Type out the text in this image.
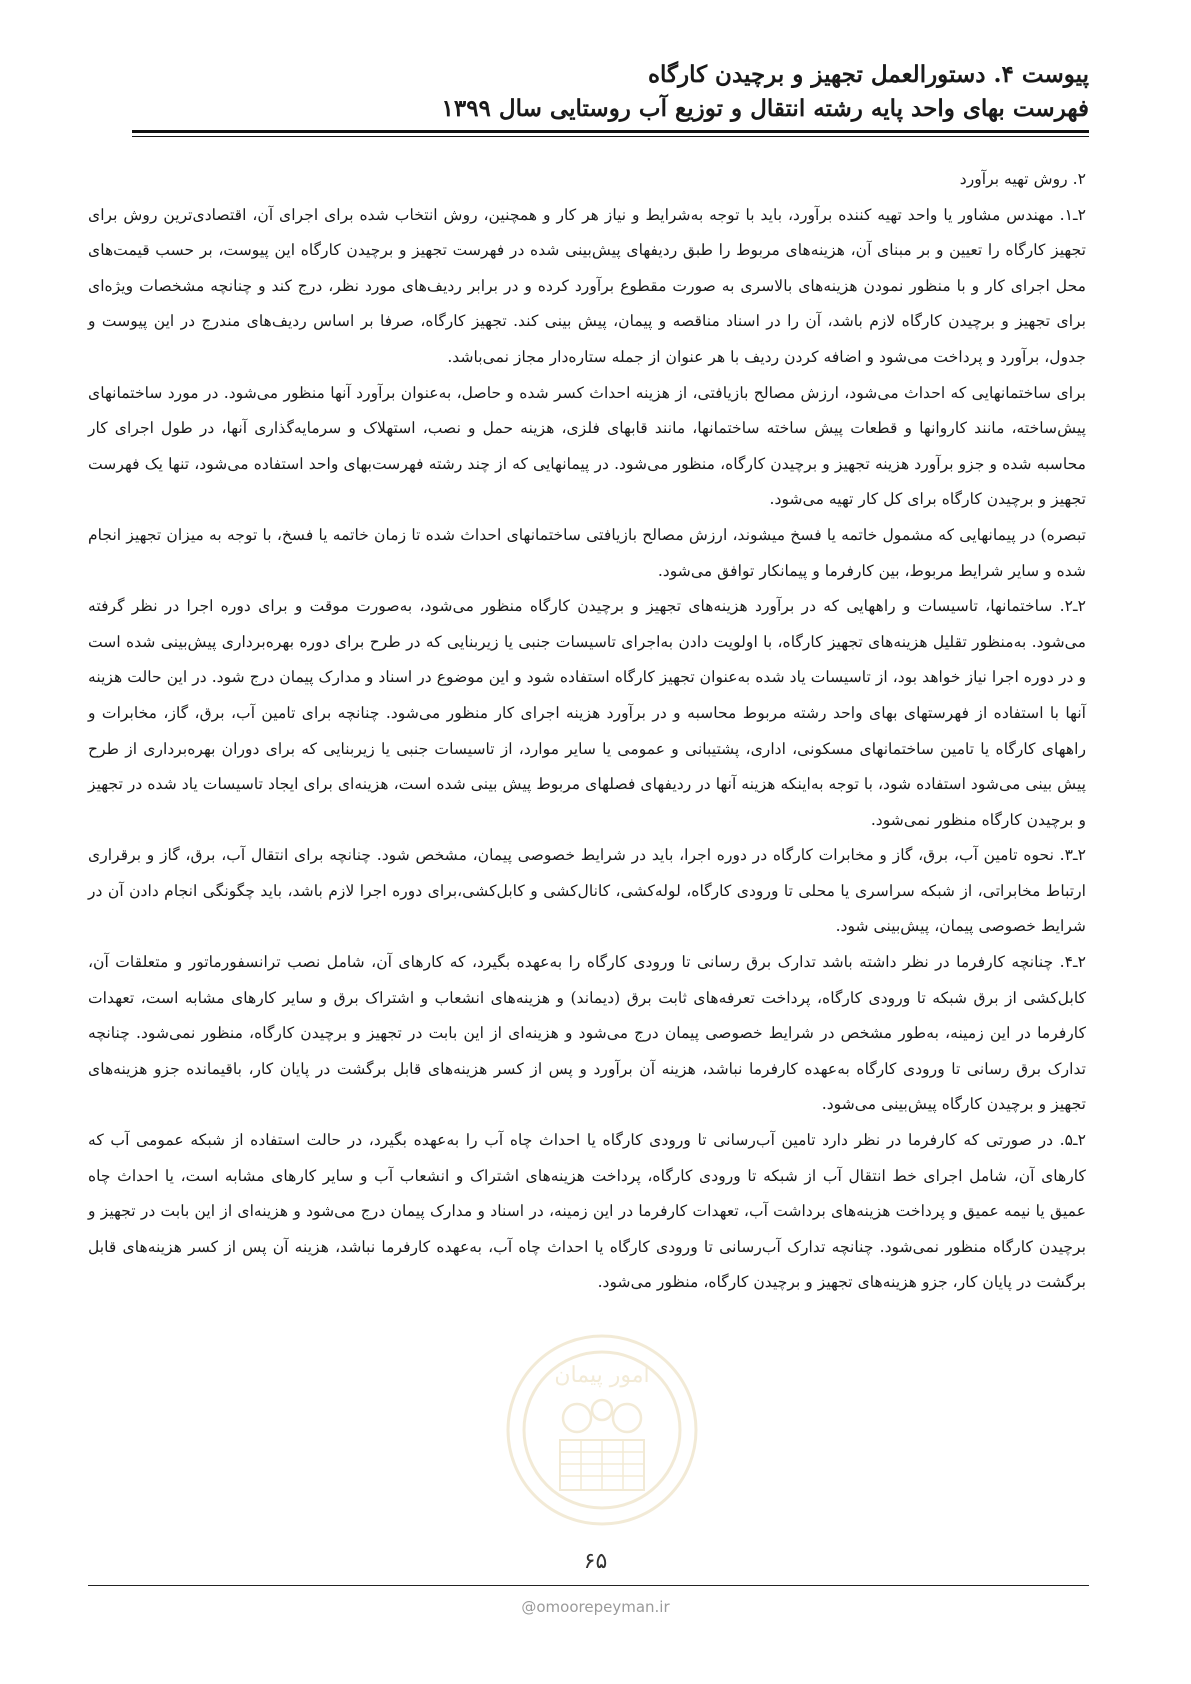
پیوست ۴. دستورالعمل تجهیز و برچیدن کارگاه
فهرست بهای واحد پایه رشته انتقال و توزیع آب روستایی سال ۱۳۹۹

۲. روش تهیه برآورد

۲ـ۱. مهندس مشاور یا واحد تهیه کننده برآورد، باید با توجه به‌شرایط و نیاز هر کار و همچنین، روش انتخاب شده برای اجرای آن، اقتصادی‌ترین روش برای تجهیز کارگاه را تعیین و بر مبنای آن، هزینه‌های مربوط را طبق ردیفهای پیش‌بینی شده در فهرست تجهیز و برچیدن کارگاه این پیوست، بر حسب قیمت‌های محل اجرای کار و با منظور نمودن هزینه‌های بالاسری به صورت مقطوع برآورد کرده و در برابر ردیف‌های مورد نظر، درج کند و چنانچه مشخصات ویژه‌ای برای تجهیز و برچیدن کارگاه لازم باشد، آن را در اسناد مناقصه و پیمان، پیش بینی کند. تجهیز کارگاه، صرفا بر اساس ردیف‌های مندرج در این پیوست و جدول، برآورد و پرداخت می‌شود و اضافه کردن ردیف با هر عنوان از جمله ستاره‌دار مجاز نمی‌باشد.

برای ساختمانهایی که احداث می‌شود، ارزش مصالح بازیافتی، از هزینه احداث کسر شده و حاصل، به‌عنوان برآورد آنها منظور می‌شود. در مورد ساختمانهای پیش‌ساخته، مانند کاروانها و قطعات پیش ساخته ساختمانها، مانند قابهای فلزی، هزینه حمل و نصب، استهلاک و سرمایه‌گذاری آنها، در طول اجرای کار محاسبه شده و جزو برآورد هزینه تجهیز و برچیدن کارگاه، منظور می‌شود. در پیمانهایی که از چند رشته فهرست‌بهای واحد استفاده می‌شود، تنها یک فهرست تجهیز و برچیدن کارگاه برای کل کار تهیه می‌شود.

تبصره) در پیمانهایی که مشمول خاتمه یا فسخ میشوند، ارزش مصالح بازیافتی ساختمانهای احداث شده تا زمان خاتمه یا فسخ، با توجه به میزان تجهیز انجام شده و سایر شرایط مربوط، بین کارفرما و پیمانکار توافق می‌شود.

۲ـ۲. ساختمانها، تاسیسات و راههایی که در برآورد هزینه‌های تجهیز و برچیدن کارگاه منظور می‌شود، به‌صورت موقت و برای دوره اجرا در نظر گرفته می‌شود. به‌منظور تقلیل هزینه‌های تجهیز کارگاه، با اولویت دادن به‌اجرای تاسیسات جنبی یا زیربنایی که در طرح برای دوره بهره‌برداری پیش‌بینی شده است و در دوره اجرا نیاز خواهد بود، از تاسیسات یاد شده به‌عنوان تجهیز کارگاه استفاده شود و این موضوع در اسناد و مدارک پیمان درج شود. در این حالت هزینه آنها با استفاده از فهرستهای بهای واحد رشته مربوط محاسبه و در برآورد هزینه اجرای کار منظور می‌شود. چنانچه برای تامین آب، برق، گاز، مخابرات و راههای کارگاه یا تامین ساختمانهای مسکونی، اداری، پشتیبانی و عمومی یا سایر موارد، از تاسیسات جنبی یا زیربنایی که برای دوران بهره‌برداری از طرح پیش بینی می‌شود استفاده شود، با توجه به‌اینکه هزینه آنها در ردیفهای فصلهای مربوط پیش بینی شده است، هزینه‌ای برای ایجاد تاسیسات یاد شده در تجهیز و برچیدن کارگاه منظور نمی‌شود.

۲ـ۳. نحوه تامین آب، برق، گاز و مخابرات کارگاه در دوره اجرا، باید در شرایط خصوصی پیمان، مشخص شود. چنانچه برای انتقال آب، برق، گاز و برقراری ارتباط مخابراتی، از شبکه سراسری یا محلی تا ورودی کارگاه، لوله‌کشی، کانال‌کشی و کابل‌کشی،برای دوره اجرا لازم باشد، باید چگونگی انجام دادن آن در شرایط خصوصی پیمان، پیش‌بینی شود.

۲ـ۴. چنانچه کارفرما در نظر داشته باشد تدارک برق رسانی تا ورودی کارگاه را به‌عهده بگیرد، که کارهای آن، شامل نصب ترانسفورماتور و متعلقات آن، کابل‌کشی از برق شبکه تا ورودی کارگاه، پرداخت تعرفه‌های ثابت برق (دیماند) و هزینه‌های انشعاب و اشتراک برق و سایر کارهای مشابه است، تعهدات کارفرما در این زمینه، به‌طور مشخص در شرایط خصوصی پیمان درج می‌شود و هزینه‌ای از این بابت در تجهیز و برچیدن کارگاه، منظور نمی‌شود. چنانچه تدارک برق رسانی تا ورودی کارگاه به‌عهده کارفرما نباشد، هزینه آن برآورد و پس از کسر هزینه‌های قابل برگشت در پایان کار، باقیمانده جزو هزینه‌های تجهیز و برچیدن کارگاه پیش‌بینی می‌شود.

۲ـ۵. در صورتی که کارفرما در نظر دارد تامین آب‌رسانی تا ورودی کارگاه یا احداث چاه آب را به‌عهده بگیرد، در حالت استفاده از شبکه عمومی آب که کارهای آن، شامل اجرای خط انتقال آب از شبکه تا ورودی کارگاه، پرداخت هزینه‌های اشتراک و انشعاب آب و سایر کارهای مشابه است، یا احداث چاه عمیق یا نیمه عمیق و پرداخت هزینه‌های برداشت آب، تعهدات کارفرما در این زمینه، در اسناد و مدارک پیمان درج می‌شود و هزینه‌ای از این بابت در تجهیز و برچیدن کارگاه منظور نمی‌شود. چنانچه تدارک آب‌رسانی تا ورودی کارگاه یا احداث چاه آب، به‌عهده کارفرما نباشد، هزینه آن پس از کسر هزینه‌های قابل برگشت در پایان کار، جزو هزینه‌های تجهیز و برچیدن کارگاه، منظور می‌شود.

امور پیمان
۶۵
@omoorepeyman.ir
